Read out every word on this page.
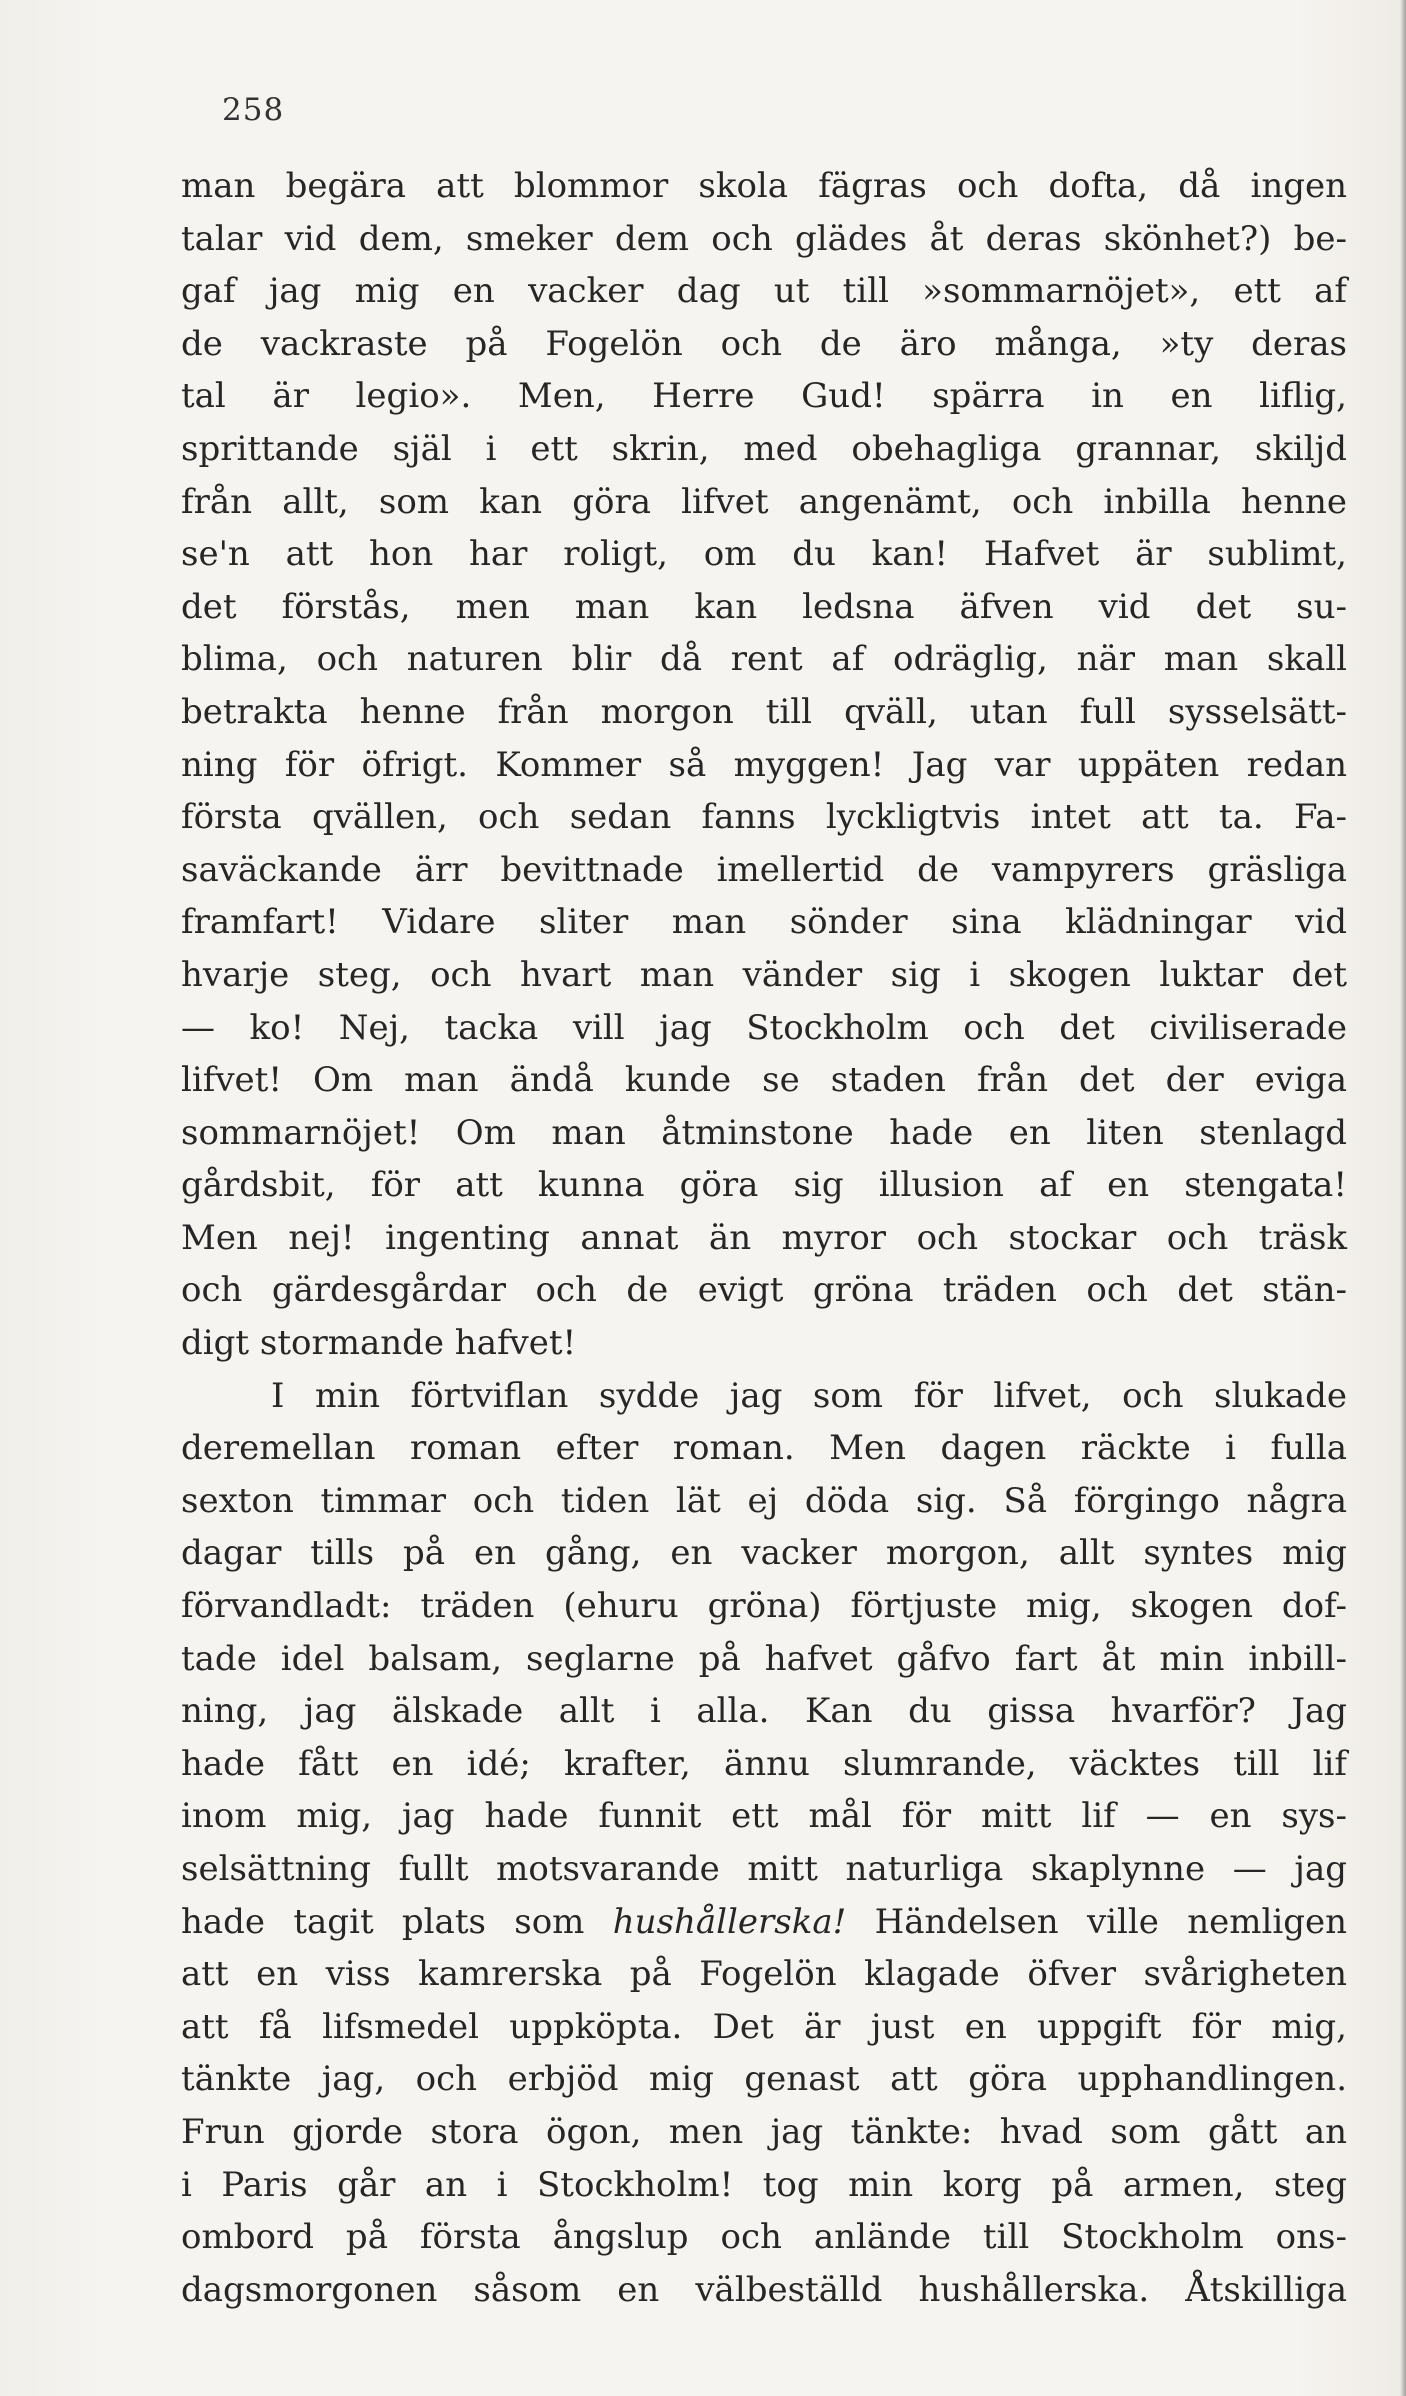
258
man begära att blommor skola fägras och dofta, då ingen
talar vid dem, smeker dem och glädes åt deras skönhet?) be-
gaf jag mig en vacker dag ut till »sommarnöjet», ett af
de vackraste på Fogelön och de äro många, »ty deras
tal är legio». Men, Herre Gud! spärra in en liflig,
sprittande själ i ett skrin, med obehagliga grannar, skiljd
från allt, som kan göra lifvet angenämt, och inbilla henne
se'n att hon har roligt, om du kan! Hafvet är sublimt,
det förstås, men man kan ledsna äfven vid det su-
blima, och naturen blir då rent af odräglig, när man skall
betrakta henne från morgon till qväll, utan full sysselsätt-
ning för öfrigt. Kommer så myggen! Jag var uppäten redan
första qvällen, och sedan fanns lyckligtvis intet att ta. Fa-
saväckande ärr bevittnade imellertid de vampyrers gräsliga
framfart! Vidare sliter man sönder sina klädningar vid
hvarje steg, och hvart man vänder sig i skogen luktar det
— ko! Nej, tacka vill jag Stockholm och det civiliserade
lifvet! Om man ändå kunde se staden från det der eviga
sommarnöjet! Om man åtminstone hade en liten stenlagd
gårdsbit, för att kunna göra sig illusion af en stengata!
Men nej! ingenting annat än myror och stockar och träsk
och gärdesgårdar och de evigt gröna träden och det stän-
digt stormande hafvet!
I min förtviflan sydde jag som för lifvet, och slukade
deremellan roman efter roman. Men dagen räckte i fulla
sexton timmar och tiden lät ej döda sig. Så förgingo några
dagar tills på en gång, en vacker morgon, allt syntes mig
förvandladt: träden (ehuru gröna) förtjuste mig, skogen dof-
tade idel balsam, seglarne på hafvet gåfvo fart åt min inbill-
ning, jag älskade allt i alla. Kan du gissa hvarför? Jag
hade fått en idé; krafter, ännu slumrande, väcktes till lif
inom mig, jag hade funnit ett mål för mitt lif — en sys-
selsättning fullt motsvarande mitt naturliga skaplynne — jag
hade tagit plats som hushållerska! Händelsen ville nemligen
att en viss kamrerska på Fogelön klagade öfver svårigheten
att få lifsmedel uppköpta. Det är just en uppgift för mig,
tänkte jag, och erbjöd mig genast att göra upphandlingen.
Frun gjorde stora ögon, men jag tänkte: hvad som gått an
i Paris går an i Stockholm! tog min korg på armen, steg
ombord på första ångslup och anlände till Stockholm ons-
dagsmorgonen såsom en välbeställd hushållerska. Åtskilliga
